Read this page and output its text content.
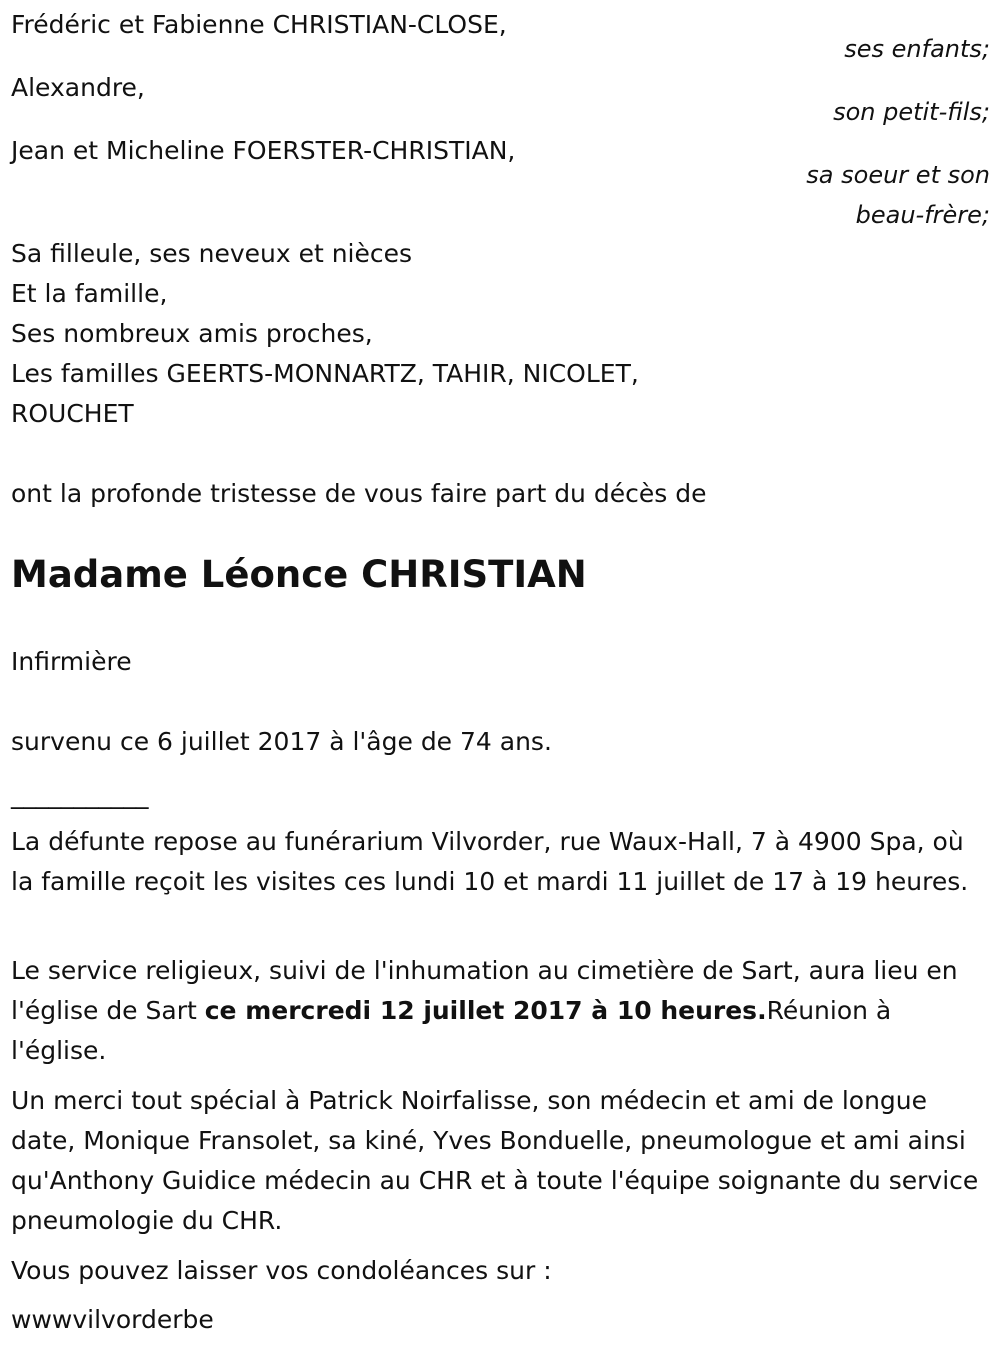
Frédéric et Fabienne CHRISTIAN-CLOSE,
ses enfants;
Alexandre,
son petit-fils;
Jean et Micheline FOERSTER-CHRISTIAN,
sa soeur et son
beau-frère;
Sa filleule, ses neveux et nièces
Et la famille,
Ses nombreux amis proches,
Les familles GEERTS-MONNARTZ, TAHIR, NICOLET,
ROUCHET
ont la profonde tristesse de vous faire part du décès de
Madame Léonce CHRISTIAN
Infirmière
survenu ce 6 juillet 2017 à l'âge de 74 ans.
___________
La défunte repose au funérarium Vilvorder, rue Waux-Hall, 7 à 4900 Spa, où la famille reçoit les visites ces lundi 10 et mardi 11 juillet de 17 à 19 heures.
Le service religieux, suivi de l'inhumation au cimetière de Sart, aura lieu en l'église de Sart ce mercredi 12 juillet 2017 à 10 heures.Réunion à l'église.
Un merci tout spécial à Patrick Noirfalisse, son médecin et ami de longue date, Monique Fransolet, sa kiné, Yves Bonduelle, pneumologue et ami ainsi qu'Anthony Guidice médecin au CHR et à toute l'équipe soignante du service pneumologie du CHR.
Vous pouvez laisser vos condoléances sur :
wwwvilvorderbe
